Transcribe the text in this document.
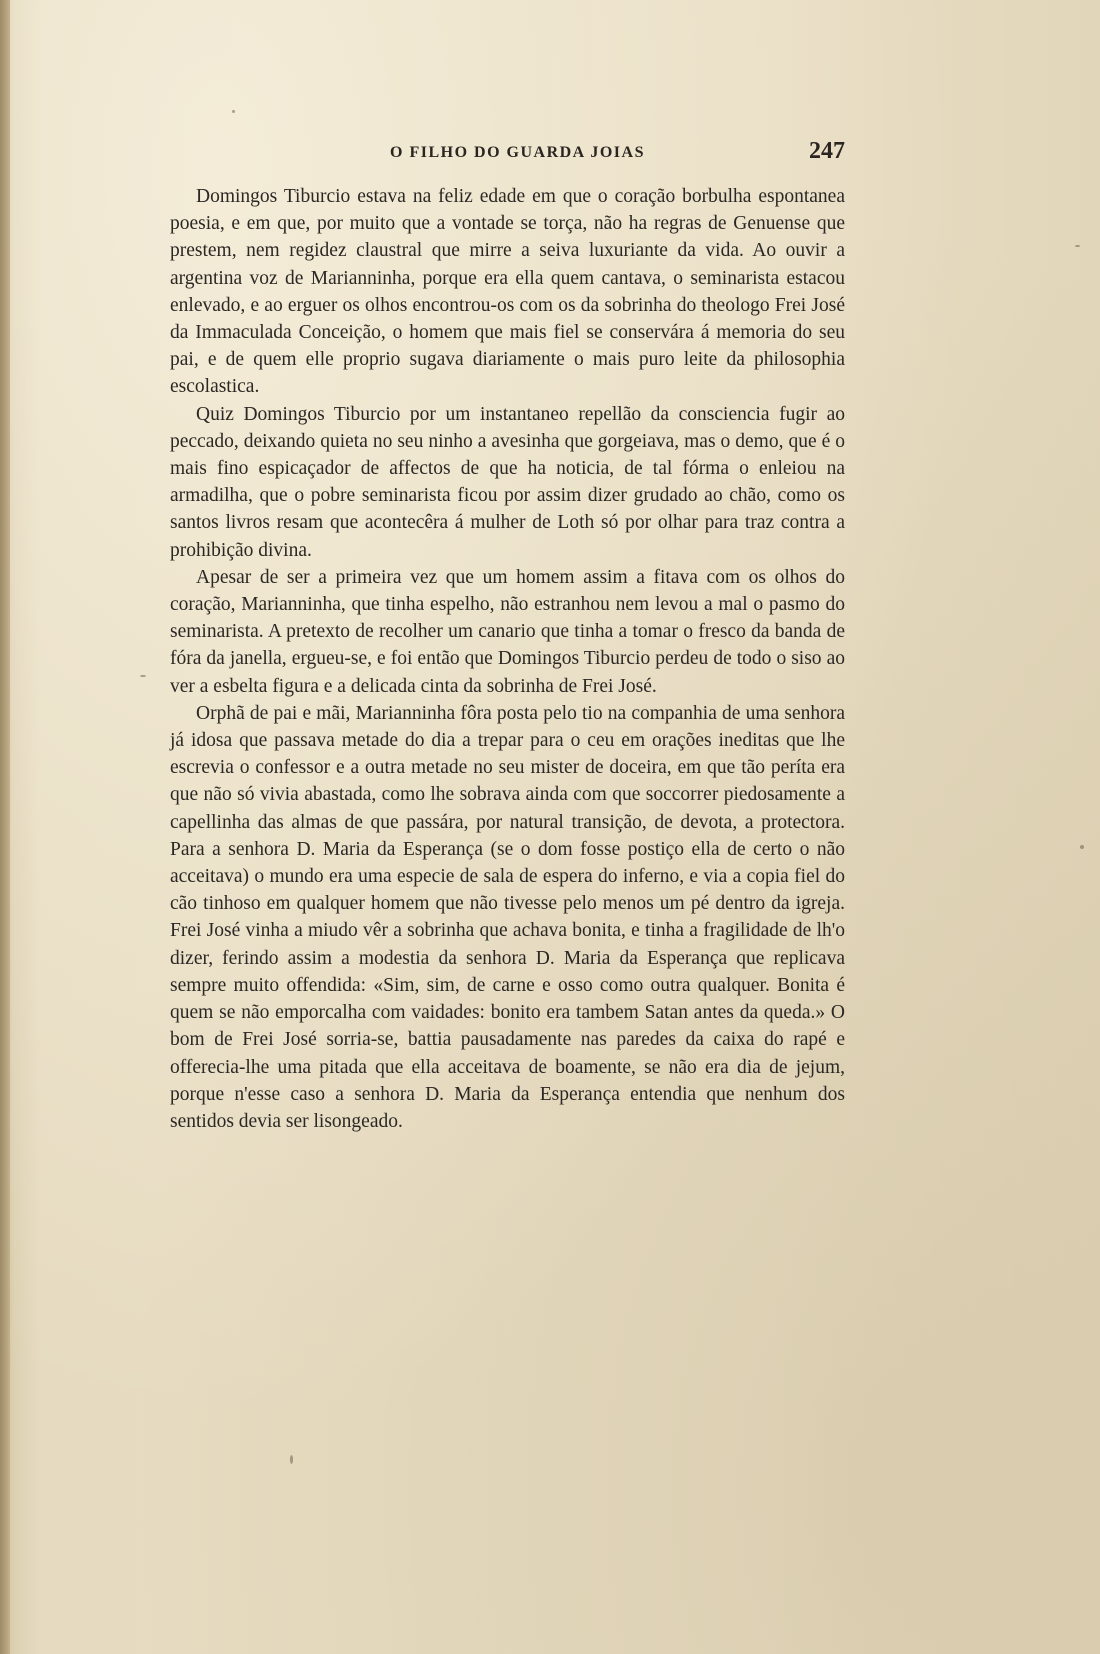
O FILHO DO GUARDA JOIAS	247

Domingos Tiburcio estava na feliz edade em que o coração borbulha espontanea poesia, e em que, por muito que a vontade se torça, não ha regras de Genuense que prestem, nem regidez claustral que mirre a seiva luxuriante da vida. Ao ouvir a argentina voz de Marianninha, porque era ella quem cantava, o seminarista estacou enlevado, e ao erguer os olhos encontrou-os com os da sobrinha do theologo Frei José da Immaculada Conceição, o homem que mais fiel se conservára á memoria do seu pai, e de quem elle proprio sugava diariamente o mais puro leite da philosophia escolastica.

Quiz Domingos Tiburcio por um instantaneo repellão da consciencia fugir ao peccado, deixando quieta no seu ninho a avesinha que gorgeiava, mas o demo, que é o mais fino espicaçador de affectos de que ha noticia, de tal fórma o enleiou na armadilha, que o pobre seminarista ficou por assim dizer grudado ao chão, como os santos livros resam que acontecêra á mulher de Loth só por olhar para traz contra a prohibição divina.

Apesar de ser a primeira vez que um homem assim a fitava com os olhos do coração, Marianninha, que tinha espelho, não estranhou nem levou a mal o pasmo do seminarista. A pretexto de recolher um canario que tinha a tomar o fresco da banda de fóra da janella, ergueu-se, e foi então que Domingos Tiburcio perdeu de todo o siso ao ver a esbelta figura e a delicada cinta da sobrinha de Frei José.

Orphã de pai e mãi, Marianninha fôra posta pelo tio na companhia de uma senhora já idosa que passava metade do dia a trepar para o ceu em orações ineditas que lhe escrevia o confessor e a outra metade no seu mister de doceira, em que tão períta era que não só vivia abastada, como lhe sobrava ainda com que soccorrer piedosamente a capellinha das almas de que passára, por natural transição, de devota, a protectora. Para a senhora D. Maria da Esperança (se o dom fosse postiço ella de certo o não acceitava) o mundo era uma especie de sala de espera do inferno, e via a copia fiel do cão tinhoso em qualquer homem que não tivesse pelo menos um pé dentro da igreja. Frei José vinha a miudo vêr a sobrinha que achava bonita, e tinha a fragilidade de lh'o dizer, ferindo assim a modestia da senhora D. Maria da Esperança que replicava sempre muito offendida: «Sim, sim, de carne e osso como outra qualquer. Bonita é quem se não emporcalha com vaidades: bonito era tambem Satan antes da queda.» O bom de Frei José sorria-se, battia pausadamente nas paredes da caixa do rapé e offerecia-lhe uma pitada que ella acceitava de boamente, se não era dia de jejum, porque n'esse caso a senhora D. Maria da Esperança entendia que nenhum dos sentidos devia ser lisongeado.
